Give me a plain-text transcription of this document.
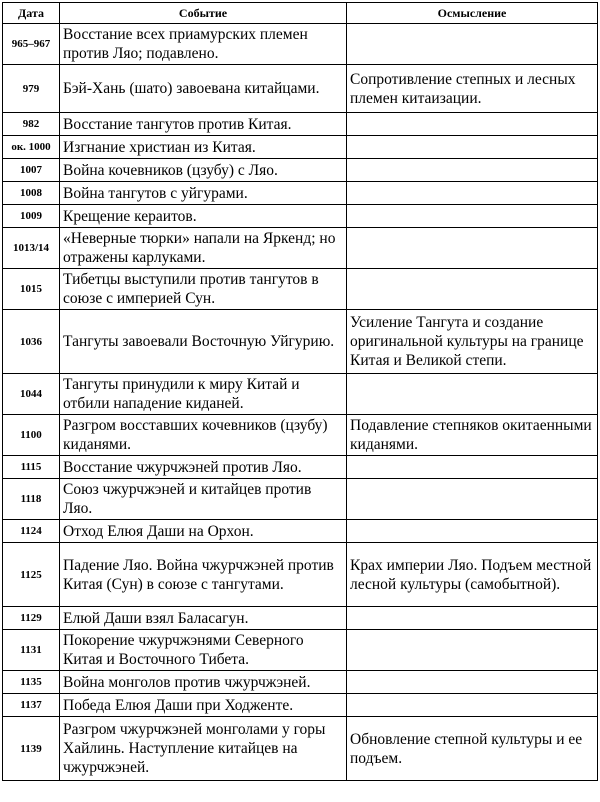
Дата	Событие	Осмысление
965–967	Восстание всех приамурских племен против Ляо; подавлено.	
979	Бэй-Хань (шато) завоевана китайцами.	Сопротивление степных и лесных племен китаизации.
982	Восстание тангутов против Китая.	
ок. 1000	Изгнание христиан из Китая.	
1007	Война кочевников (цзубу) с Ляо.	
1008	Война тангутов с уйгурами.	
1009	Крещение кераитов.	
1013/14	«Неверные тюрки» напали на Яркенд; но отражены карлуками.	
1015	Тибетцы выступили против тангутов в союзе с империей Сун.	
1036	Тангуты завоевали Восточную Уйгурию.	Усиление Тангута и создание оригинальной культуры на границе Китая и Великой степи.
1044	Тангуты принудили к миру Китай и отбили нападение киданей.	
1100	Разгром восставших кочевников (цзубу) киданями.	Подавление степняков окитаенными киданями.
1115	Восстание чжурчжэней против Ляо.	
1118	Союз чжурчжэней и китайцев против Ляо.	
1124	Отход Елюя Даши на Орхон.	
1125	Падение Ляо. Война чжурчжэней против Китая (Сун) в союзе с тангутами.	Крах империи Ляо. Подъем местной лесной культуры (самобытной).
1129	Елюй Даши взял Баласагун.	
1131	Покорение чжурчжэнями Северного Китая и Восточного Тибета.	
1135	Война монголов против чжурчжэней.	
1137	Победа Елюя Даши при Ходженте.	
1139	Разгром чжурчжэней монголами у горы Хайлинь. Наступление китайцев на чжурчжэней.	Обновление степной культуры и ее подъем.
